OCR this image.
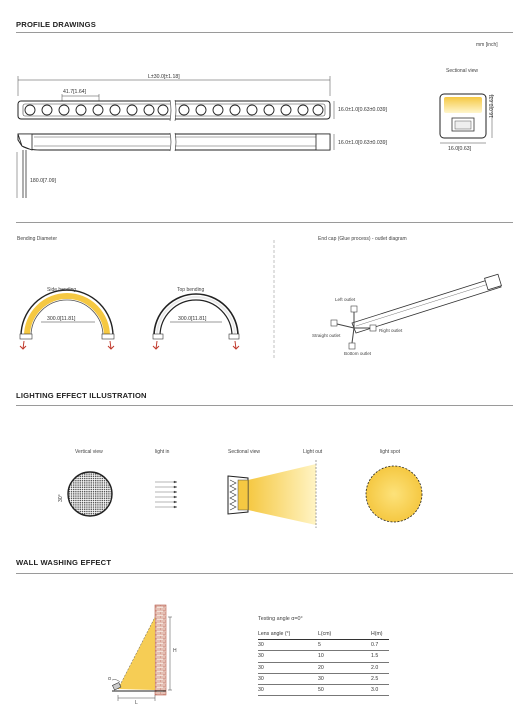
PROFILE DRAWINGS
mm [inch]
L±30.0[±1.18]
41.7[1.64]
16.0±1.0[0.63±0.039]
16.0±1.0[0.63±0.039]
180.0[7.09]
Sectional view
16.0[0.63]
16.0[0.63]
Bending Diameter	End cap (Glue process) - outlet diagram
Side bending	Top bending
300.0[11.81]	300.0[11.81]
Left outlet
Right outlet
Straight outlet
Bottom outlet
LIGHTING EFFECT ILLUSTRATION
Vertical view	light in	Sectional view	Light out	light spot
30°
WALL WASHING EFFECT
H
L
α
Testing angle α=0°
Lens angle (°)	L(cm)	H(m)
30	5	0.7
30	10	1.5
30	20	2.0
30	30	2.5
30	50	3.0
